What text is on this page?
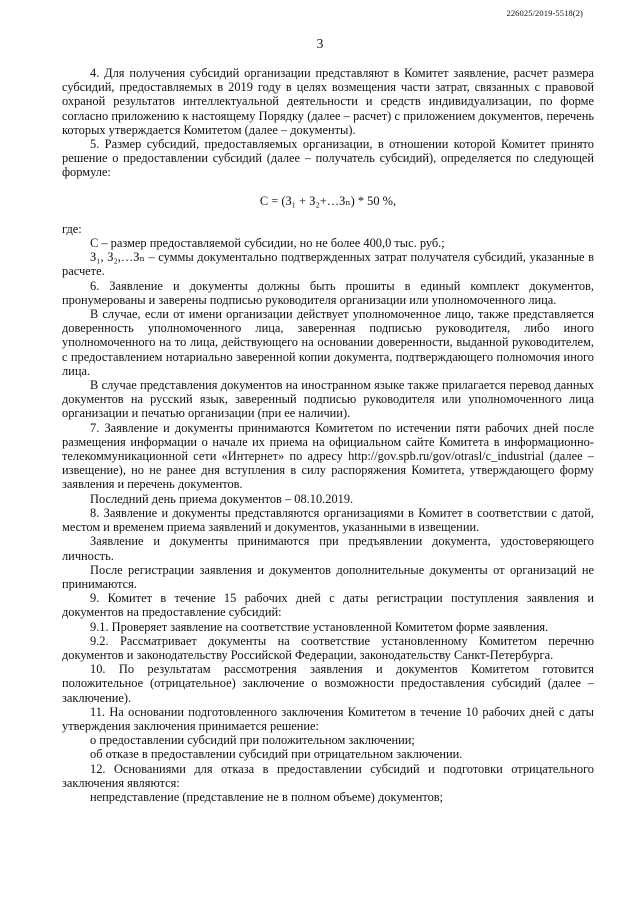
226025/2019-5518(2)
3

4. Для получения субсидий организации представляют в Комитет заявление, расчет размера субсидий, предоставляемых в 2019 году в целях возмещения части затрат, связанных с правовой охраной результатов интеллектуальной деятельности и средств индивидуализации, по форме согласно приложению к настоящему Порядку (далее – расчет) с приложением документов, перечень которых утверждается Комитетом (далее – документы).

5. Размер субсидий, предоставляемых организации, в отношении которой Комитет принято решение о предоставлении субсидий (далее – получатель субсидий), определяется по следующей формуле:

С = (З₁ + З₂+…Зₙ) * 50 %,

где:

С – размер предоставляемой субсидии, но не более 400,0 тыс. руб.;

З₁, З₂,…Зₙ – суммы документально подтвержденных затрат получателя субсидий, указанные в расчете.

6. Заявление и документы должны быть прошиты в единый комплект документов, пронумерованы и заверены подписью руководителя организации или уполномоченного лица.

В случае, если от имени организации действует уполномоченное лицо, также представляется доверенность уполномоченного лица, заверенная подписью руководителя, либо иного уполномоченного на то лица, действующего на основании доверенности, выданной руководителем, с предоставлением нотариально заверенной копии документа, подтверждающего полномочия иного лица.

В случае представления документов на иностранном языке также прилагается перевод данных документов на русский язык, заверенный подписью руководителя или уполномоченного лица организации и печатью организации (при ее наличии).

7. Заявление и документы принимаются Комитетом по истечении пяти рабочих дней после размещения информации о начале их приема на официальном сайте Комитета в информационно-телекоммуникационной сети «Интернет» по адресу http://gov.spb.ru/gov/otrasl/c_industrial (далее – извещение), но не ранее дня вступления в силу распоряжения Комитета, утверждающего форму заявления и перечень документов.

Последний день приема документов – 08.10.2019.

8. Заявление и документы представляются организациями в Комитет в соответствии с датой, местом и временем приема заявлений и документов, указанными в извещении.

Заявление и документы принимаются при предъявлении документа, удостоверяющего личность.

После регистрации заявления и документов дополнительные документы от организаций не принимаются.

9. Комитет в течение 15 рабочих дней с даты регистрации поступления заявления и документов на предоставление субсидий:

9.1. Проверяет заявление на соответствие установленной Комитетом форме заявления.

9.2. Рассматривает документы на соответствие установленному Комитетом перечню документов и законодательству Российской Федерации, законодательству Санкт-Петербурга.

10. По результатам рассмотрения заявления и документов Комитетом готовится положительное (отрицательное) заключение о возможности предоставления субсидий (далее – заключение).

11. На основании подготовленного заключения Комитетом в течение 10 рабочих дней с даты утверждения заключения принимается решение:

о предоставлении субсидий при положительном заключении;

об отказе в предоставлении субсидий при отрицательном заключении.

12. Основаниями для отказа в предоставлении субсидий и подготовки отрицательного заключения являются:

непредставление (представление не в полном объеме) документов;
